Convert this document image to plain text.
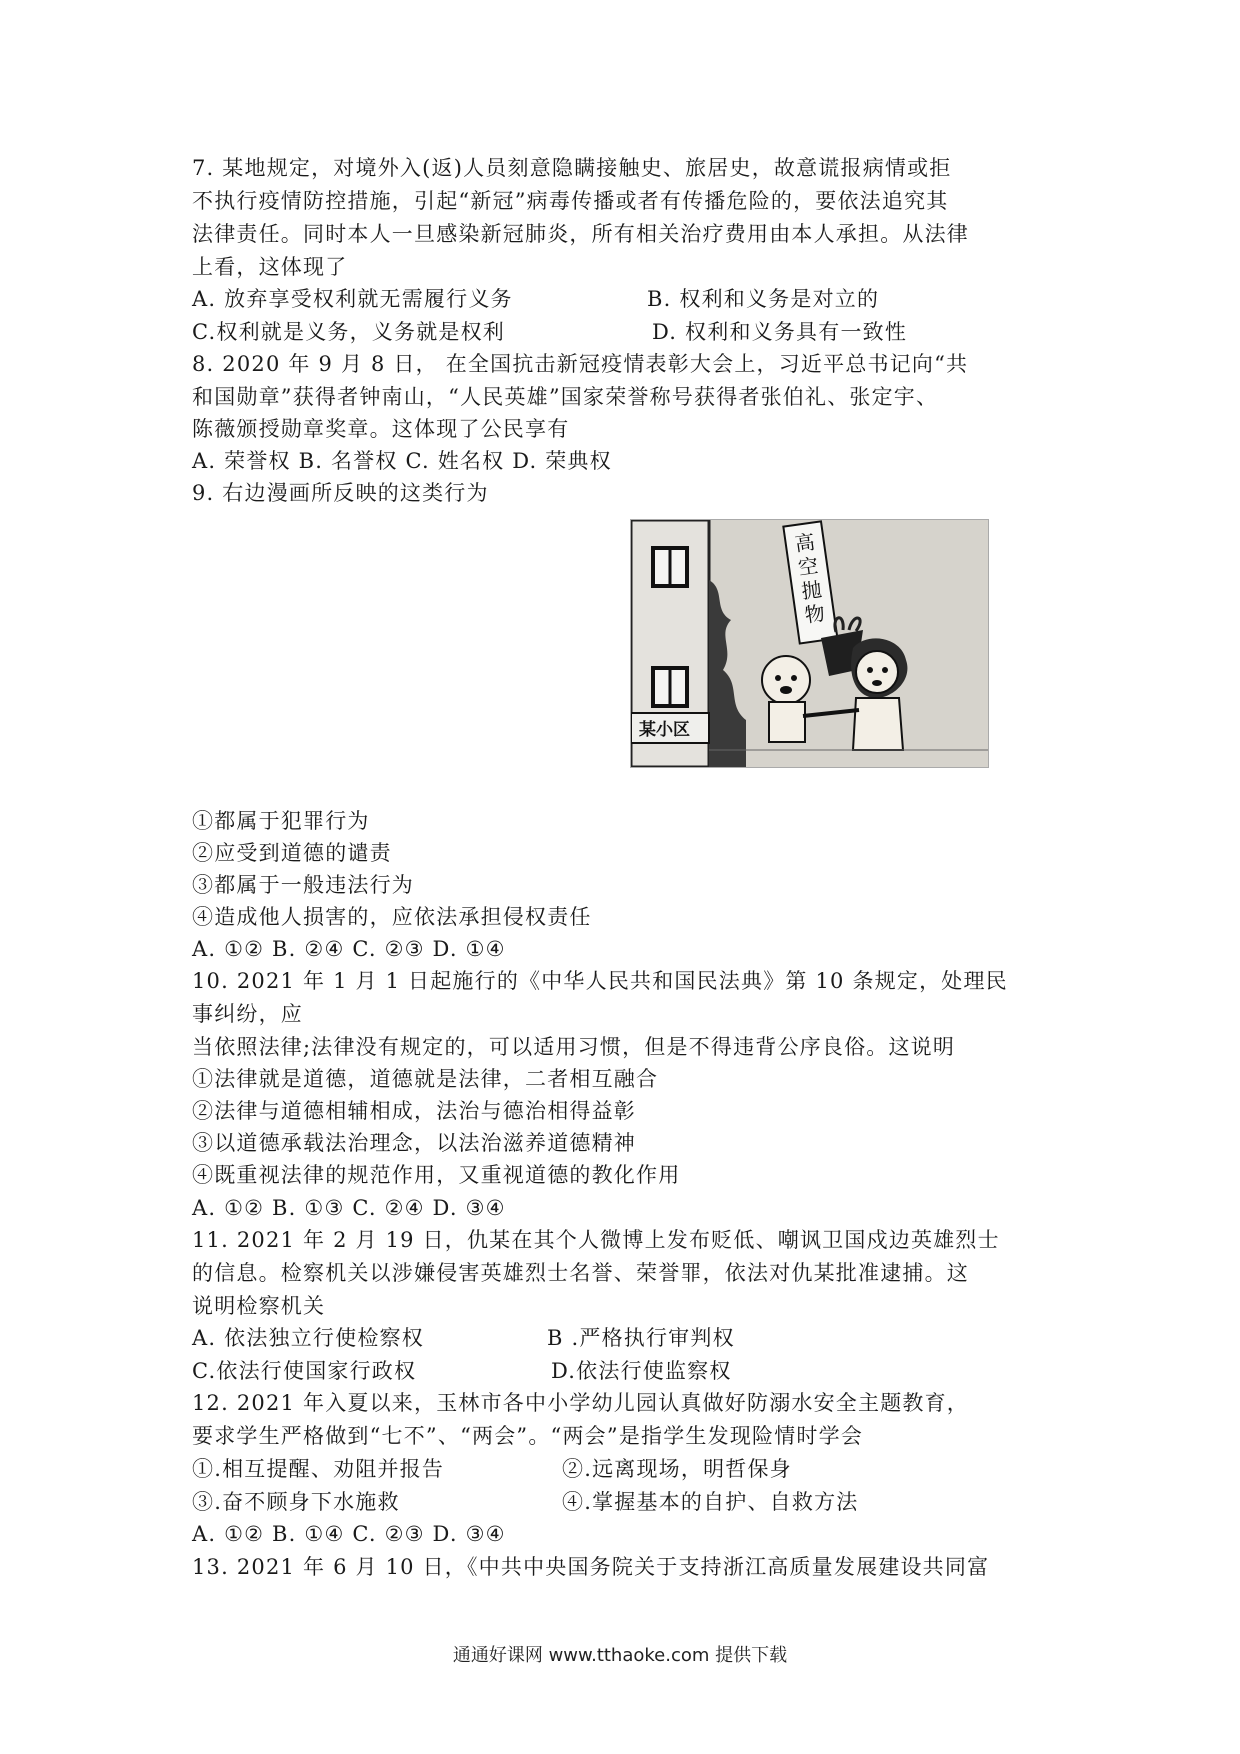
7. 某地规定，对境外入(返)人员刻意隐瞒接触史、旅居史，故意谎报病情或拒
不执行疫情防控措施，引起“新冠”病毒传播或者有传播危险的，要依法追究其
法律责任。同时本人一旦感染新冠肺炎，所有相关治疗费用由本人承担。从法律
上看，这体现了
A. 放弃享受权利就无需履行义务	B. 权利和义务是对立的
C.权利就是义务，义务就是权利	D. 权利和义务具有一致性
8. 2020 年 9 月 8 日， 在全国抗击新冠疫情表彰大会上，习近平总书记向“共
和国勋章”获得者钟南山，“人民英雄”国家荣誉称号获得者张伯礼、张定宇、
陈薇颁授勋章奖章。这体现了公民享有
A. 荣誉权 B. 名誉权 C. 姓名权 D. 荣典权
9. 右边漫画所反映的这类行为
某小区
高空抛物
①都属于犯罪行为
②应受到道德的谴责
③都属于一般违法行为
④造成他人损害的，应依法承担侵权责任
A. ①② B. ②④ C. ②③ D. ①④
10. 2021 年 1 月 1 日起施行的《中华人民共和国民法典》第 10 条规定，处理民
事纠纷，应
当依照法律;法律没有规定的，可以适用习惯，但是不得违背公序良俗。这说明
①法律就是道德，道德就是法律，二者相互融合
②法律与道德相辅相成，法治与德治相得益彰
③以道德承载法治理念，以法治滋养道德精神
④既重视法律的规范作用，又重视道德的教化作用
A. ①② B. ①③ C. ②④ D. ③④
11. 2021 年 2 月 19 日，仇某在其个人微博上发布贬低、嘲讽卫国戍边英雄烈士
的信息。检察机关以涉嫌侵害英雄烈士名誉、荣誉罪，依法对仇某批准逮捕。这
说明检察机关
A. 依法独立行使检察权	B .严格执行审判权
C.依法行使国家行政权	D.依法行使监察权
12. 2021 年入夏以来，玉林市各中小学幼儿园认真做好防溺水安全主题教育，
要求学生严格做到“七不”、“两会”。“两会”是指学生发现险情时学会
①.相互提醒、劝阻并报告	②.远离现场，明哲保身
③.奋不顾身下水施救	④.掌握基本的自护、自救方法
A. ①② B. ①④ C. ②③ D. ③④
13. 2021 年 6 月 10 日，《中共中央国务院关于支持浙江高质量发展建设共同富
通通好课网 www.tthaoke.com 提供下载
